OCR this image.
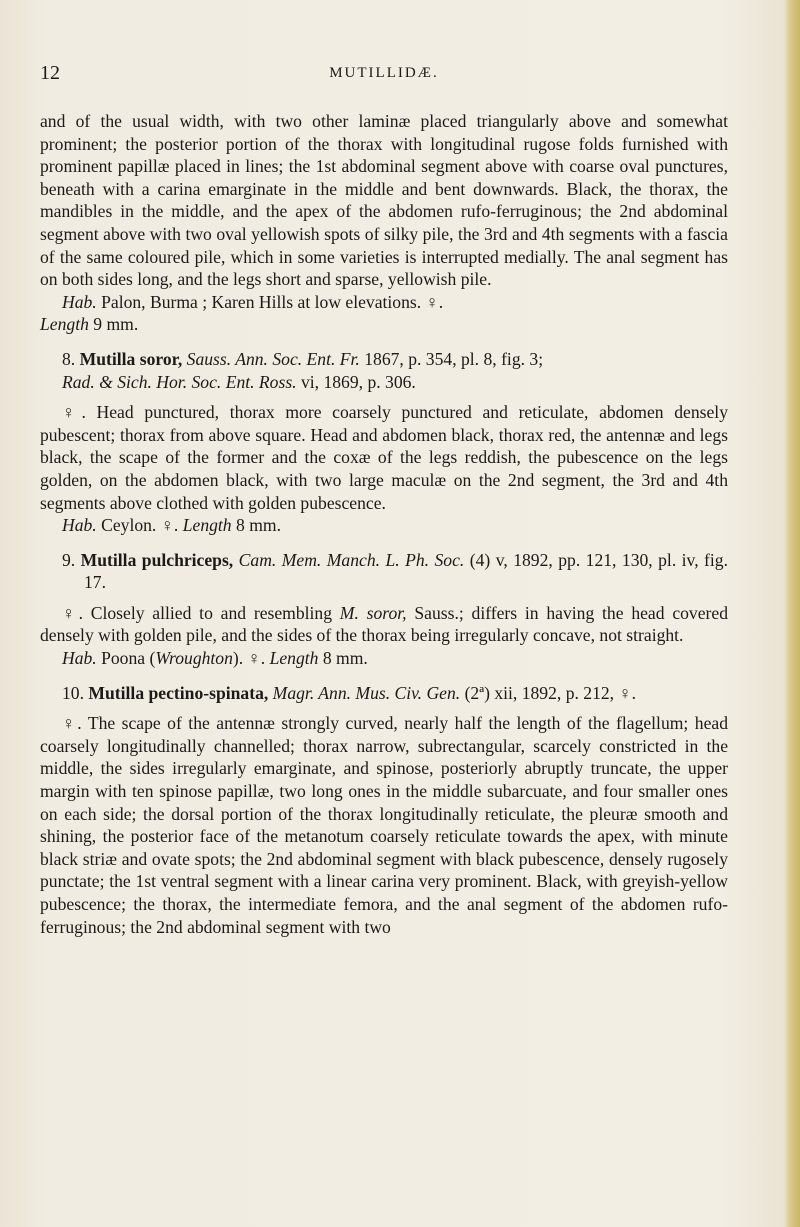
12	MUTILLIDÆ.

and of the usual width, with two other laminæ placed triangularly above and somewhat prominent; the posterior portion of the thorax with longitudinal rugose folds furnished with prominent papillæ placed in lines; the 1st abdominal segment above with coarse oval punctures, beneath with a carina emarginate in the middle and bent downwards. Black, the thorax, the mandibles in the middle, and the apex of the abdomen rufo-ferruginous; the 2nd abdominal segment above with two oval yellowish spots of silky pile, the 3rd and 4th segments with a fascia of the same coloured pile, which in some varieties is interrupted medially. The anal segment has on both sides long, and the legs short and sparse, yellowish pile.

Hab. Palon, Burma ; Karen Hills at low elevations. ♀.

Length 9 mm.

8. Mutilla soror, Sauss. Ann. Soc. Ent. Fr. 1867, p. 354, pl. 8, fig. 3;

Rad. & Sich. Hor. Soc. Ent. Ross. vi, 1869, p. 306.

♀. Head punctured, thorax more coarsely punctured and reticulate, abdomen densely pubescent; thorax from above square. Head and abdomen black, thorax red, the antennæ and legs black, the scape of the former and the coxæ of the legs reddish, the pubescence on the legs golden, on the abdomen black, with two large maculæ on the 2nd segment, the 3rd and 4th segments above clothed with golden pubescence.

Hab. Ceylon. ♀. Length 8 mm.

9. Mutilla pulchriceps, Cam. Mem. Manch. L. Ph. Soc. (4) v, 1892, pp. 121, 130, pl. iv, fig. 17.

♀. Closely allied to and resembling M. soror, Sauss.; differs in having the head covered densely with golden pile, and the sides of the thorax being irregularly concave, not straight.

Hab. Poona (Wroughton). ♀. Length 8 mm.

10. Mutilla pectino-spinata, Magr. Ann. Mus. Civ. Gen. (2ª) xii, 1892, p. 212, ♀.

♀. The scape of the antennæ strongly curved, nearly half the length of the flagellum; head coarsely longitudinally channelled; thorax narrow, subrectangular, scarcely constricted in the middle, the sides irregularly emarginate, and spinose, posteriorly abruptly truncate, the upper margin with ten spinose papillæ, two long ones in the middle subarcuate, and four smaller ones on each side; the dorsal portion of the thorax longitudinally reticulate, the pleuræ smooth and shining, the posterior face of the metanotum coarsely reticulate towards the apex, with minute black striæ and ovate spots; the 2nd abdominal segment with black pubescence, densely rugosely punctate; the 1st ventral segment with a linear carina very prominent. Black, with greyish-yellow pubescence; the thorax, the intermediate femora, and the anal segment of the abdomen rufo-ferruginous; the 2nd abdominal segment with two
